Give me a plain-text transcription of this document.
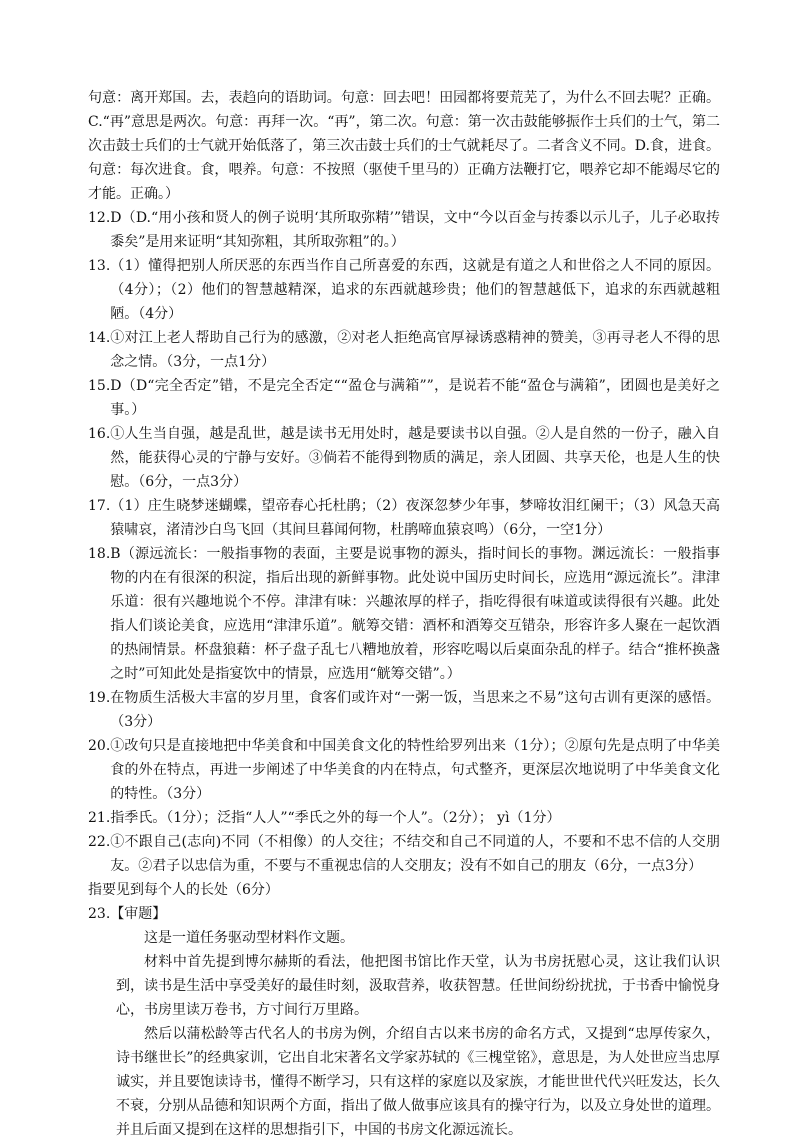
句意：离开郑国。去，表趋向的语助词。句意：回去吧！田园都将要荒芜了，为什么不回去呢？正确。C.“再”意思是两次。句意：再拜一次。“再”，第二次。句意：第一次击鼓能够振作士兵们的士气，第二次击鼓士兵们的士气就开始低落了，第三次击鼓士兵们的士气就耗尽了。二者含义不同。D.食，进食。句意：每次进食。食，喂养。句意：不按照（驱使千里马的）正确方法鞭打它，喂养它却不能竭尽它的才能。正确。）

12. D（D.“用小孩和贤人的例子说明‘其所取弥精’”错误，文中“今以百金与抟黍以示儿子，儿子必取抟黍矣”是用来证明“其知弥粗，其所取弥粗”的。）
13. （1）懂得把别人所厌恶的东西当作自己所喜爱的东西，这就是有道之人和世俗之人不同的原因。（4分）；（2）他们的智慧越精深，追求的东西就越珍贵；他们的智慧越低下，追求的东西就越粗陋。（4分）
14. ①对江上老人帮助自己行为的感激，②对老人拒绝高官厚禄诱惑精神的赞美，③再寻老人不得的思念之情。（3分，一点1分）
15. D（D“完全否定”错，不是完全否定““盈仓与满箱””，是说若不能“盈仓与满箱”，团圆也是美好之事。）
16. ①人生当自强，越是乱世，越是读书无用处时，越是要读书以自强。②人是自然的一份子，融入自然，能获得心灵的宁静与安好。③倘若不能得到物质的满足，亲人团圆、共享天伦，也是人生的快慰。（6分，一点3分）
17. （1）庄生晓梦迷蝴蝶，望帝春心托杜鹃；（2）夜深忽梦少年事，梦啼妆泪红阑干；（3）风急天高猿啸哀，渚清沙白鸟飞回（其间旦暮闻何物，杜鹃啼血猿哀鸣）（6分，一空1分）
18. B（源远流长：一般指事物的表面，主要是说事物的源头，指时间长的事物。渊远流长：一般指事物的内在有很深的积淀，指后出现的新鲜事物。此处说中国历史时间长，应选用“源远流长”。津津乐道：很有兴趣地说个不停。津津有味：兴趣浓厚的样子，指吃得很有味道或读得很有兴趣。此处指人们谈论美食，应选用“津津乐道”。觥筹交错：酒杯和酒筹交互错杂，形容许多人聚在一起饮酒的热闹情景。杯盘狼藉：杯子盘子乱七八糟地放着，形容吃喝以后桌面杂乱的样子。结合“推杯换盏之时”可知此处是指宴饮中的情景，应选用“觥筹交错”。）
19. 在物质生活极大丰富的岁月里，食客们或许对“一粥一饭，当思来之不易”这句古训有更深的感悟。（3分）
20. ①改句只是直接地把中华美食和中国美食文化的特性给罗列出来（1分）；②原句先是点明了中华美食的外在特点，再进一步阐述了中华美食的内在特点，句式整齐，更深层次地说明了中华美食文化的特性。（3分）
21. 指季氏。（1分）；泛指“人人”“季氏之外的每一个人”。（2分）； yì（1分）
22. ①不跟自己(志向)不同（不相像）的人交往；不结交和自己不同道的人，不要和不忠不信的人交朋友。②君子以忠信为重，不要与不重视忠信的人交朋友；没有不如自己的朋友（6分，一点3分）

指要见到每个人的长处（6分）

23. 【审题】

这是一道任务驱动型材料作文题。

材料中首先提到博尔赫斯的看法，他把图书馆比作天堂，认为书房抚慰心灵，这让我们认识到，读书是生活中享受美好的最佳时刻，汲取营养，收获智慧。任世间纷纷扰扰，于书香中愉悦身心，书房里读万卷书，方寸间行万里路。

然后以蒲松龄等古代名人的书房为例，介绍自古以来书房的命名方式，又提到“忠厚传家久，诗书继世长”的经典家训，它出自北宋著名文学家苏轼的《三槐堂铭》，意思是，为人处世应当忠厚诚实，并且要饱读诗书，懂得不断学习，只有这样的家庭以及家族，才能世世代代兴旺发达，长久不衰，分别从品德和知识两个方面，指出了做人做事应该具有的操守行为，以及立身处世的道理。并且后面又提到在这样的思想指引下，中国的书房文化源远流长。
